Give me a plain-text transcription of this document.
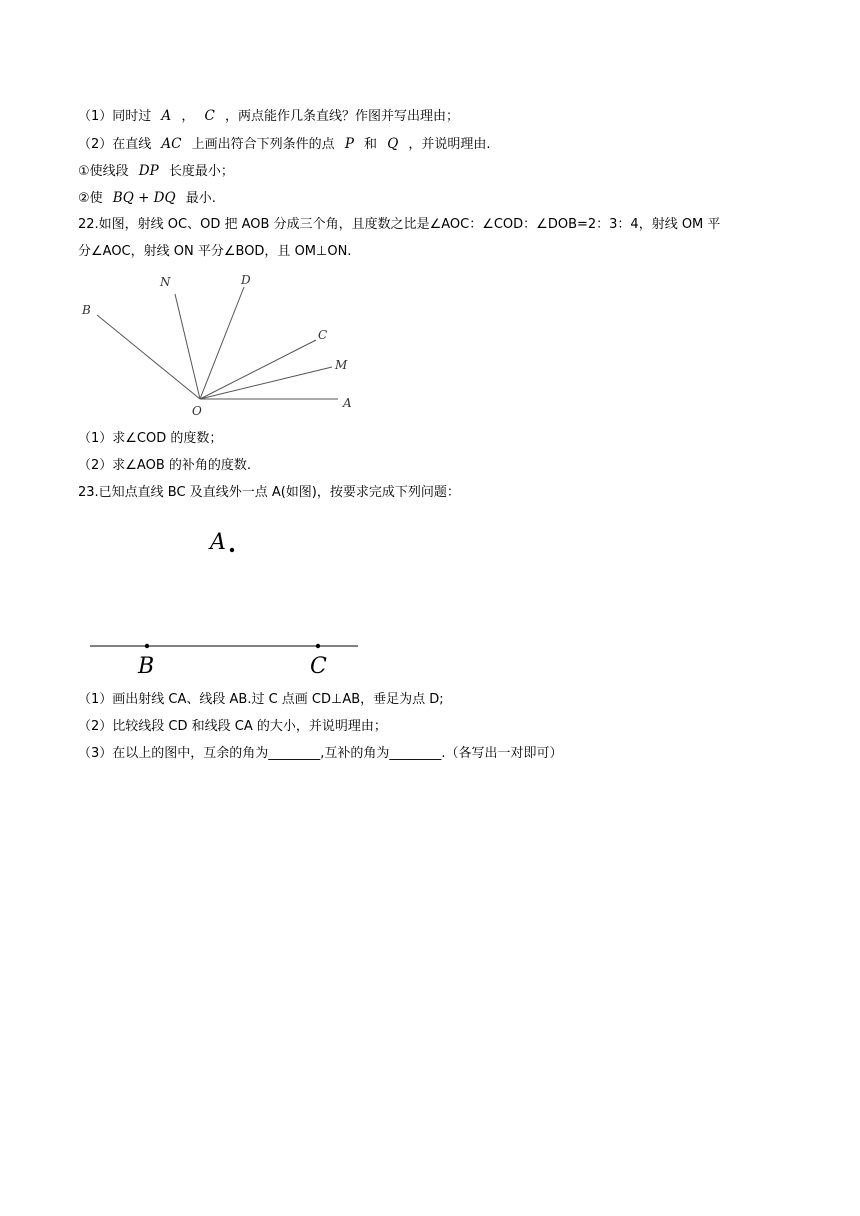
（1）同时过 A ， C ，两点能作几条直线？作图并写出理由；
（2）在直线 AC 上画出符合下列条件的点 P 和 Q ，并说明理由.
①使线段 DP 长度最小；
②使 BQ + DQ 最小.
22.如图，射线 OC、OD 把 AOB 分成三个角，且度数之比是∠AOC：∠COD：∠DOB=2：3：4，射线 OM 平
分∠AOC，射线 ON 平分∠BOD，且 OM⊥ON.
B
N	D
C
M
O
A
（1）求∠COD 的度数；
（2）求∠AOB 的补角的度数.
23.已知点直线 BC 及直线外一点 A(如图)，按要求完成下列问题：
A
B	C
（1）画出射线 CA、线段 AB.过 C 点画 CD⊥AB，垂足为点 D;
（2）比较线段 CD 和线段 CA 的大小，并说明理由；
（3）在以上的图中，互余的角为________,互补的角为________.（各写出一对即可）
